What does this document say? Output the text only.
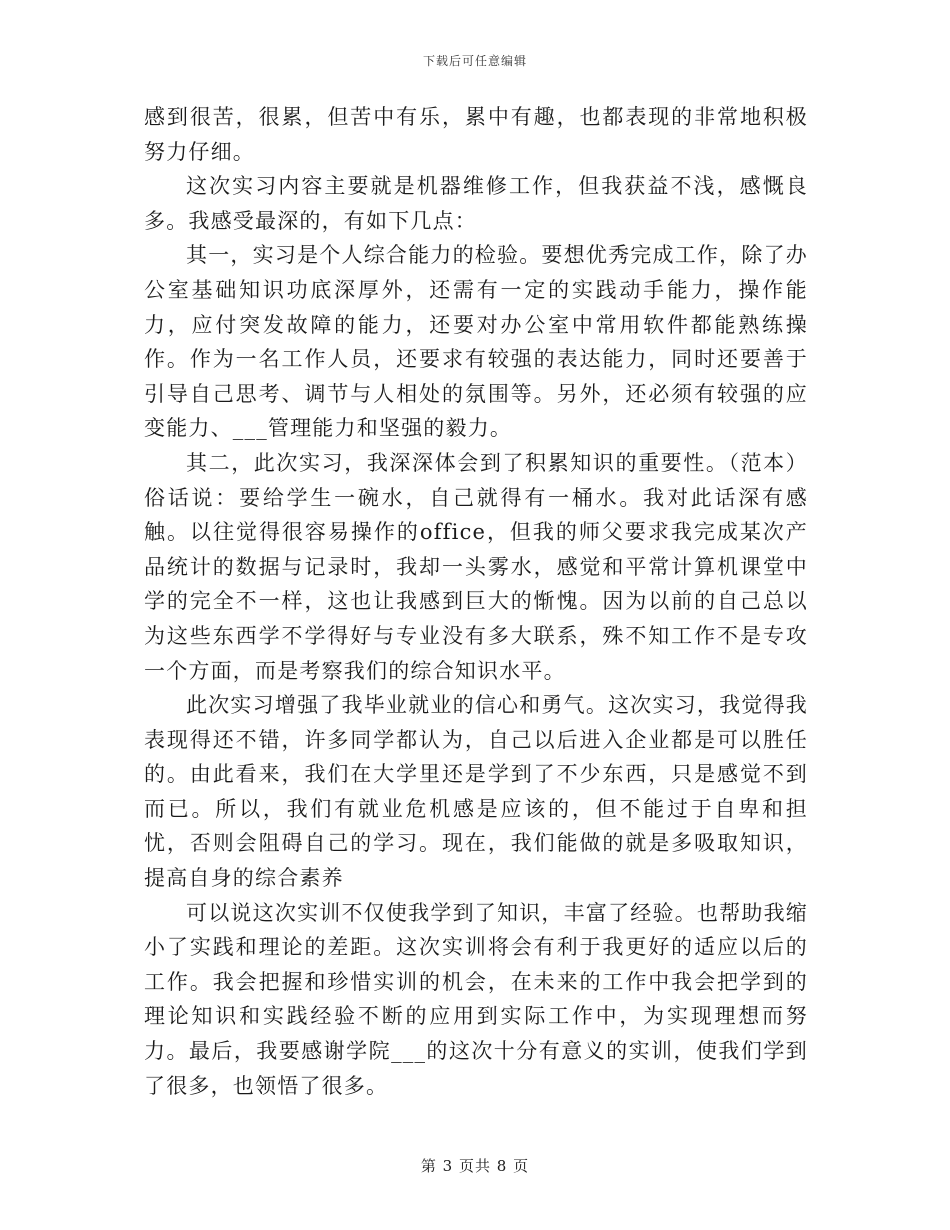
下载后可任意编辑

感到很苦，很累，但苦中有乐，累中有趣，也都表现的非常地积极努力仔细。

这次实习内容主要就是机器维修工作，但我获益不浅，感慨良多。我感受最深的，有如下几点：

其一，实习是个人综合能力的检验。要想优秀完成工作，除了办公室基础知识功底深厚外，还需有一定的实践动手能力，操作能力，应付突发故障的能力，还要对办公室中常用软件都能熟练操作。作为一名工作人员，还要求有较强的表达能力，同时还要善于引导自己思考、调节与人相处的氛围等。另外，还必须有较强的应变能力、___管理能力和坚强的毅力。

其二，此次实习，我深深体会到了积累知识的重要性。（范本）俗话说：要给学生一碗水，自己就得有一桶水。我对此话深有感触。以往觉得很容易操作的office，但我的师父要求我完成某次产品统计的数据与记录时，我却一头雾水，感觉和平常计算机课堂中学的完全不一样，这也让我感到巨大的惭愧。因为以前的自己总以为这些东西学不学得好与专业没有多大联系，殊不知工作不是专攻一个方面，而是考察我们的综合知识水平。

此次实习增强了我毕业就业的信心和勇气。这次实习，我觉得我表现得还不错，许多同学都认为，自己以后进入企业都是可以胜任的。由此看来，我们在大学里还是学到了不少东西，只是感觉不到而已。所以，我们有就业危机感是应该的，但不能过于自卑和担忧，否则会阻碍自己的学习。现在，我们能做的就是多吸取知识，提高自身的综合素养

可以说这次实训不仅使我学到了知识，丰富了经验。也帮助我缩小了实践和理论的差距。这次实训将会有利于我更好的适应以后的工作。我会把握和珍惜实训的机会，在未来的工作中我会把学到的理论知识和实践经验不断的应用到实际工作中，为实现理想而努力。最后，我要感谢学院___的这次十分有意义的实训，使我们学到了很多，也领悟了很多。

第 3 页共 8 页
